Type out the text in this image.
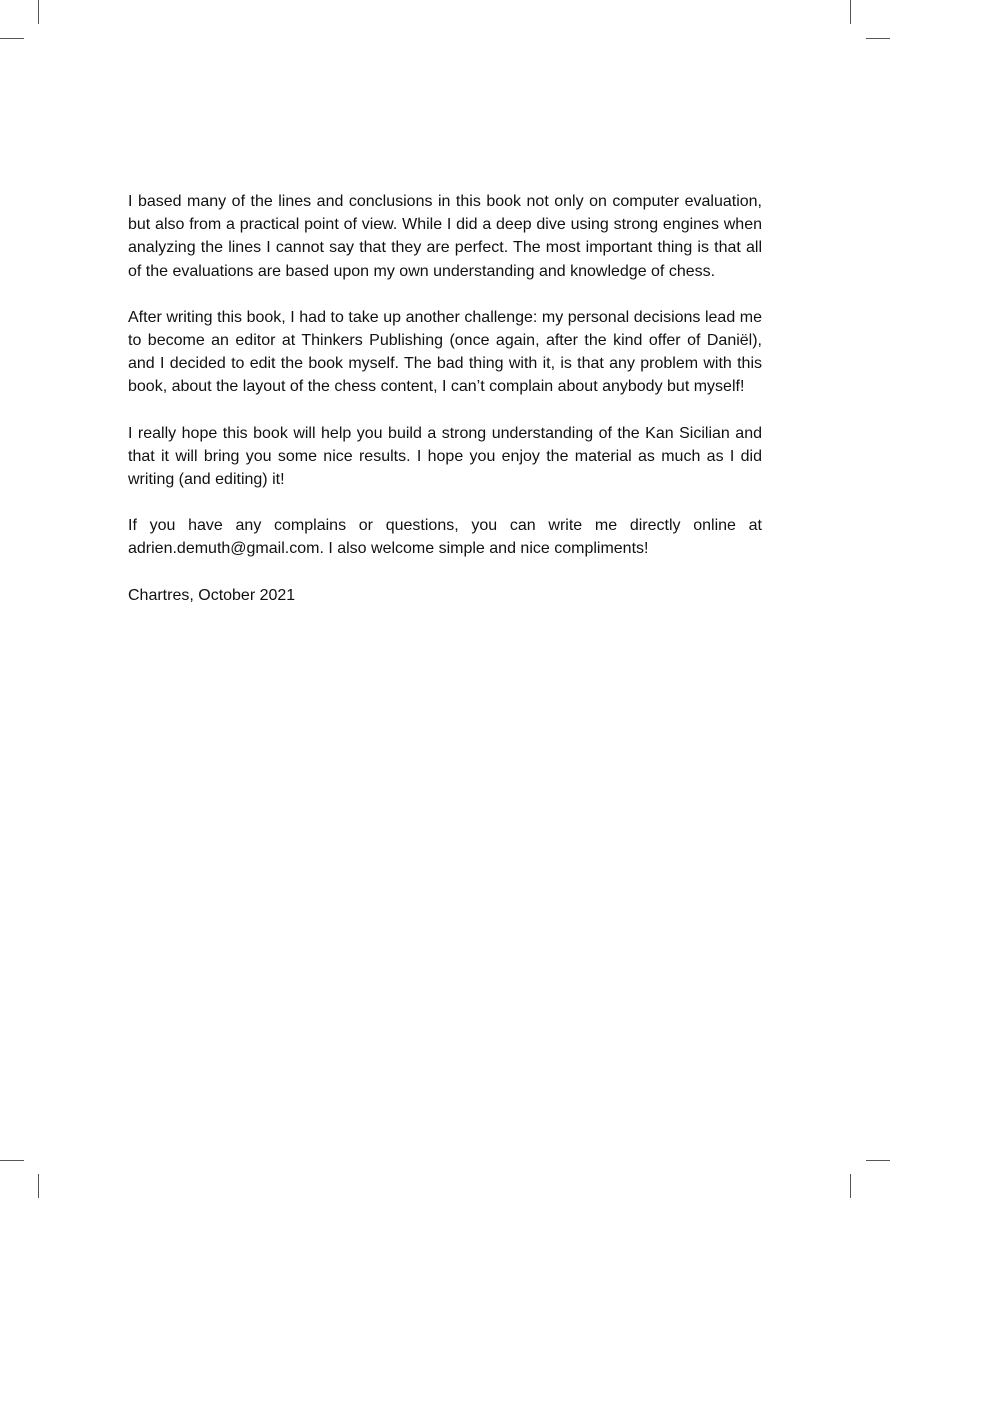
I based many of the lines and conclusions in this book not only on computer evaluation, but also from a practical point of view. While I did a deep dive using strong engines when analyzing the lines I cannot say that they are perfect. The most important thing is that all of the evaluations are based upon my own understanding and knowledge of chess.

After writing this book, I had to take up another challenge: my personal decisions lead me to become an editor at Thinkers Publishing (once again, after the kind offer of Daniël), and I decided to edit the book myself. The bad thing with it, is that any problem with this book, about the layout of the chess content, I can’t complain about anybody but myself!

I really hope this book will help you build a strong understanding of the Kan Sicilian and that it will bring you some nice results. I hope you enjoy the material as much as I did writing (and editing) it!

If you have any complains or questions, you can write me directly online at adrien.demuth@gmail.com. I also welcome simple and nice compliments!

Chartres, October 2021
